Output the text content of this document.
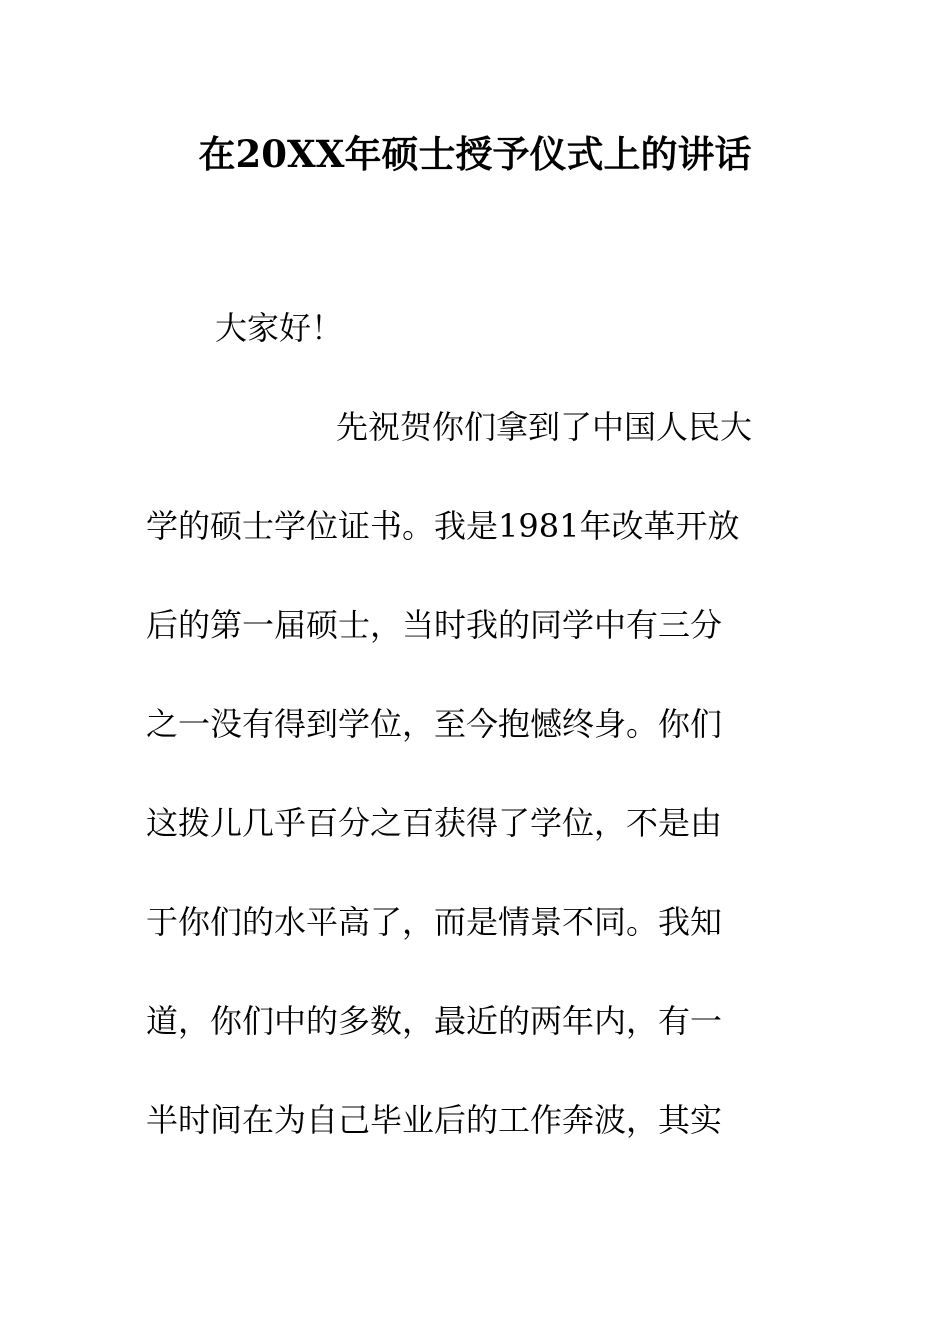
在20XX年硕士授予仪式上的讲话
大家好！
先祝贺你们拿到了中国人民大
学的硕士学位证书。我是1981年改革开放
后的第一届硕士，当时我的同学中有三分
之一没有得到学位，至今抱憾终身。你们
这拨儿几乎百分之百获得了学位，不是由
于你们的水平高了，而是情景不同。我知
道，你们中的多数，最近的两年内，有一
半时间在为自己毕业后的工作奔波，其实
